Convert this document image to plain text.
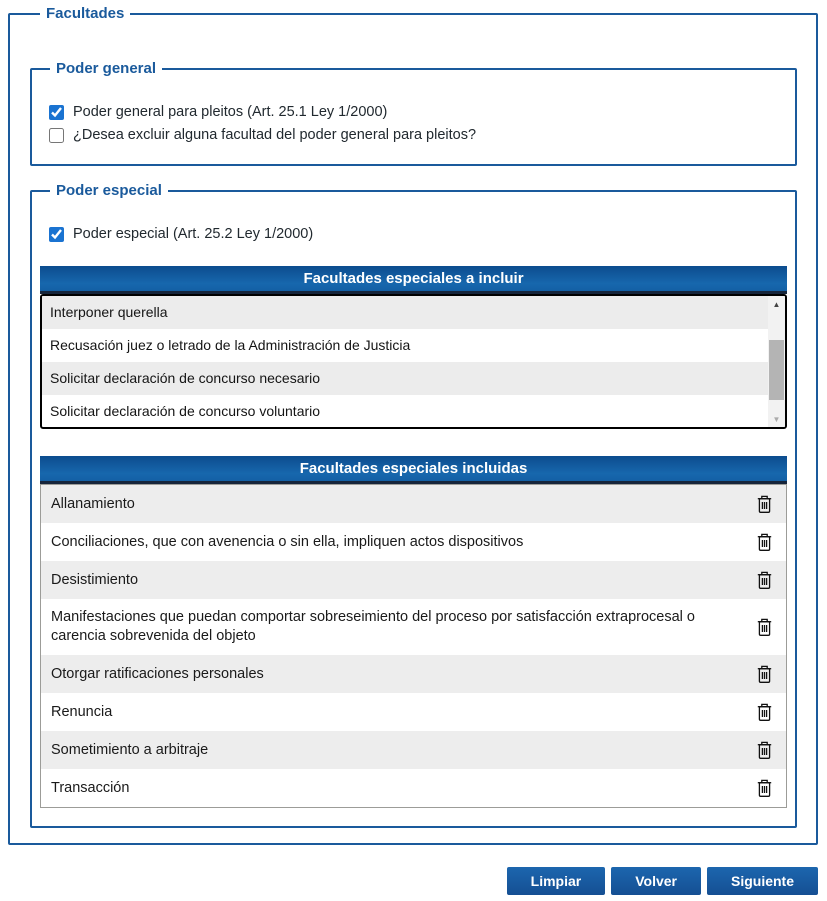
Facultades
Poder general
Poder general para pleitos (Art. 25.1 Ley 1/2000)
¿Desea excluir alguna facultad del poder general para pleitos?
Poder especial
Poder especial (Art. 25.2 Ley 1/2000)
Facultades especiales a incluir
Interponer querella
Recusación juez o letrado de la Administración de Justicia
Solicitar declaración de concurso necesario
Solicitar declaración de concurso voluntario
▲
▼
Facultades especiales incluidas
Allanamiento
Conciliaciones, que con avenencia o sin ella, impliquen actos dispositivos
Desistimiento
Manifestaciones que puedan comportar sobreseimiento del proceso por satisfacción extraprocesal o carencia sobrevenida del objeto
Otorgar ratificaciones personales
Renuncia
Sometimiento a arbitraje
Transacción
Limpiar	Volver	Siguiente
